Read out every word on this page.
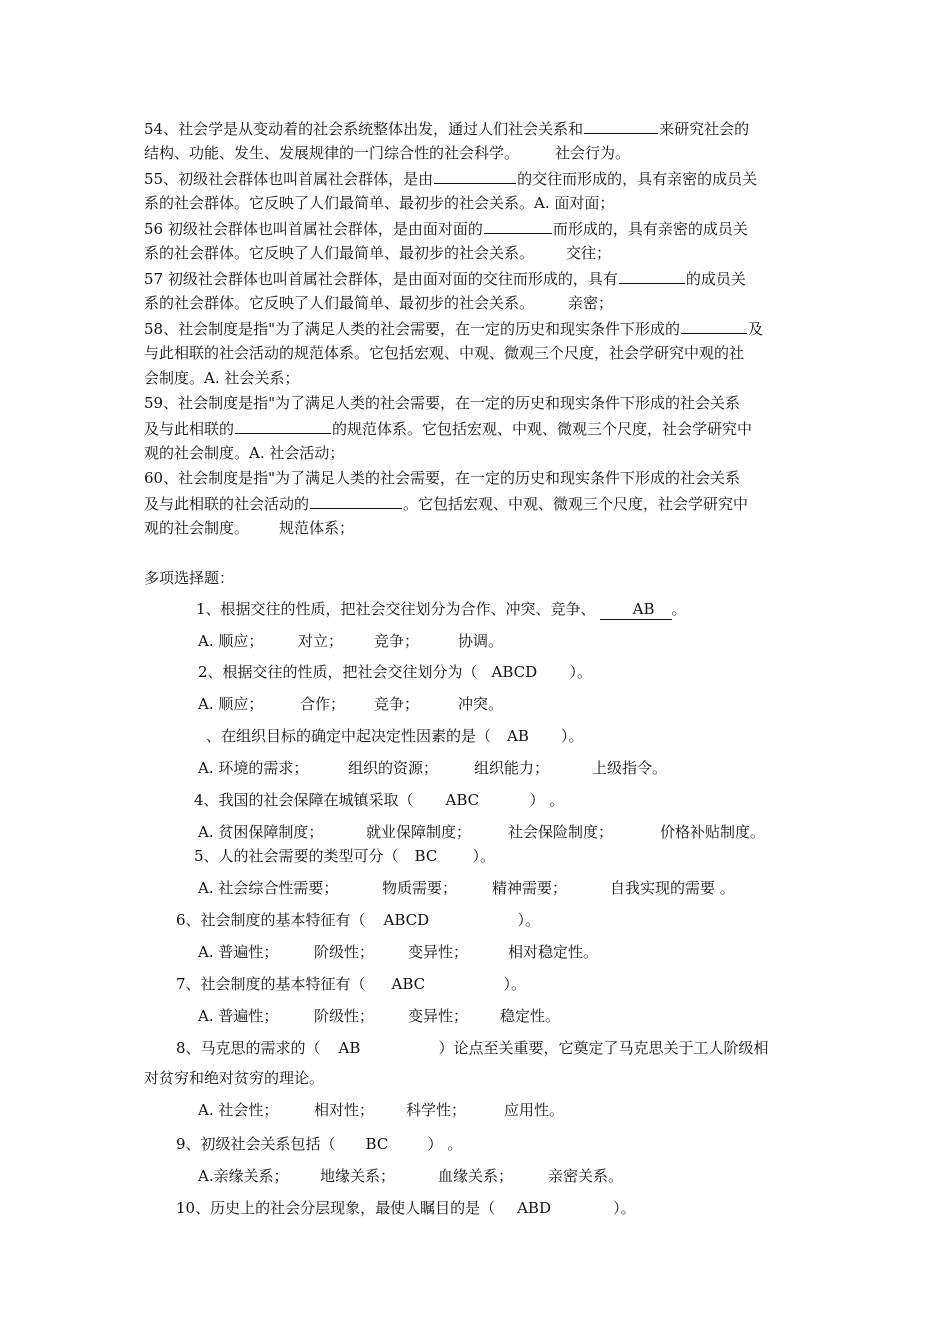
54、社会学是从变动着的社会系统整体出发，通过人们社会关系和	来研究社会的
结构、功能、发生、发展规律的一门综合性的社会科学。 社会行为。
55、初级社会群体也叫首属社会群体，是由	的交往而形成的，具有亲密的成员关
系的社会群体。它反映了人们最简单、最初步的社会关系。A. 面对面；
56 初级社会群体也叫首属社会群体，是由面对面的	而形成的，具有亲密的成员关
系的社会群体。它反映了人们最简单、最初步的社会关系。 交往；
57 初级社会群体也叫首属社会群体，是由面对面的交往而形成的，具有	的成员关
系的社会群体。它反映了人们最简单、最初步的社会关系。 亲密；
58、社会制度是指"为了满足人类的社会需要，在一定的历史和现实条件下形成的	及
与此相联的社会活动的规范体系。它包括宏观、中观、微观三个尺度，社会学研究中观的社
会制度。A. 社会关系；
59、社会制度是指"为了满足人类的社会需要，在一定的历史和现实条件下形成的社会关系
及与此相联的	的规范体系。它包括宏观、中观、微观三个尺度，社会学研究中
观的社会制度。A. 社会活动；
60、社会制度是指"为了满足人类的社会需要，在一定的历史和现实条件下形成的社会关系
及与此相联的社会活动的	。它包括宏观、中观、微观三个尺度，社会学研究中
观的社会制度。 规范体系；
多项选择题：
1、根据交往的性质，把社会交往划分为合作、冲突、竞争、 AB 。
A. 顺应； 对立； 竞争；	协调。
2、根据交往的性质，把社会交往划分为（ ABCD ）。
A. 顺应； 合作； 竞争；	冲突。
、在组织目标的确定中起决定性因素的是（ AB ）。
A. 环境的需求；	组织的资源； 组织能力；	上级指令。
4、我国的社会保障在城镇采取（ ABC	） 。
A. 贫困保障制度；	就业保障制度； 社会保险制度；	价格补贴制度。
5、人的社会需要的类型可分（ BC ）。
A. 社会综合性需要；	物质需要； 精神需要；	自我实现的需要 。
6、社会制度的基本特征有（ ABCD	）。
A. 普遍性； 阶级性； 变异性；	相对稳定性。
7、社会制度的基本特征有（ ABC	）。
A. 普遍性； 阶级性； 变异性； 稳定性。
8、马克思的需求的（ AB	）论点至关重要，它奠定了马克思关于工人阶级相
对贫穷和绝对贫穷的理论。
A. 社会性； 相对性； 科学性；	应用性。
9、初级社会关系包括（ BC	） 。
A.亲缘关系； 地缘关系；	血缘关系； 亲密关系。
10、历史上的社会分层现象，最使人瞩目的是（ ABD	）。
